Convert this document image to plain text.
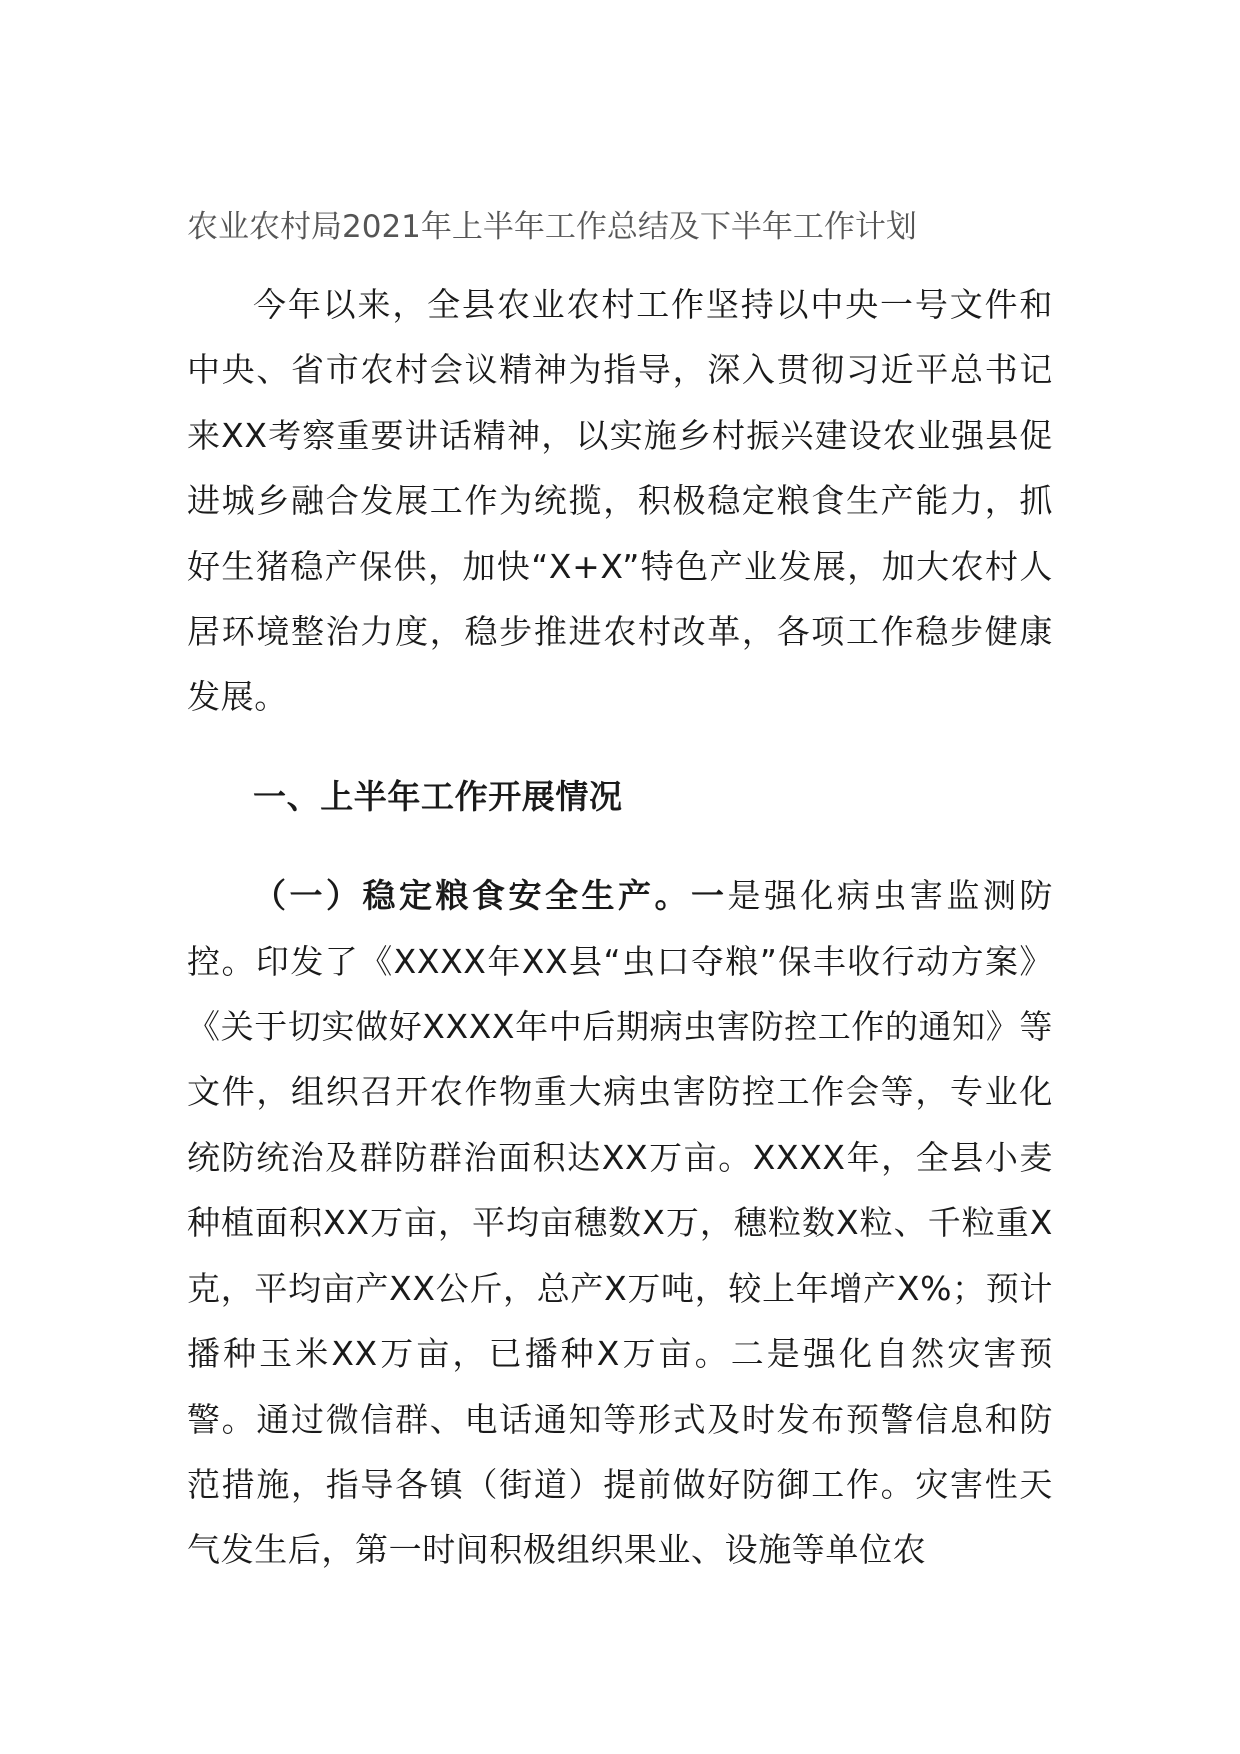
农业农村局2021年上半年工作总结及下半年工作计划

今年以来，全县农业农村工作坚持以中央一号文件和中央、省市农村会议精神为指导，深入贯彻习近平总书记来XX考察重要讲话精神，以实施乡村振兴建设农业强县促进城乡融合发展工作为统揽，积极稳定粮食生产能力，抓好生猪稳产保供，加快“X+X”特色产业发展，加大农村人居环境整治力度，稳步推进农村改革，各项工作稳步健康发展。

一、上半年工作开展情况

（一）稳定粮食安全生产。一是强化病虫害监测防控。印发了《XXXX年XX县“虫口夺粮”保丰收行动方案》《关于切实做好XXXX年中后期病虫害防控工作的通知》等文件，组织召开农作物重大病虫害防控工作会等，专业化统防统治及群防群治面积达XX万亩。XXXX年，全县小麦种植面积XX万亩，平均亩穗数X万，穗粒数X粒、千粒重X克，平均亩产XX公斤，总产X万吨，较上年增产X%；预计播种玉米XX万亩，已播种X万亩。二是强化自然灾害预警。通过微信群、电话通知等形式及时发布预警信息和防范措施，指导各镇（街道）提前做好防御工作。灾害性天气发生后，第一时间积极组织果业、设施等单位农
